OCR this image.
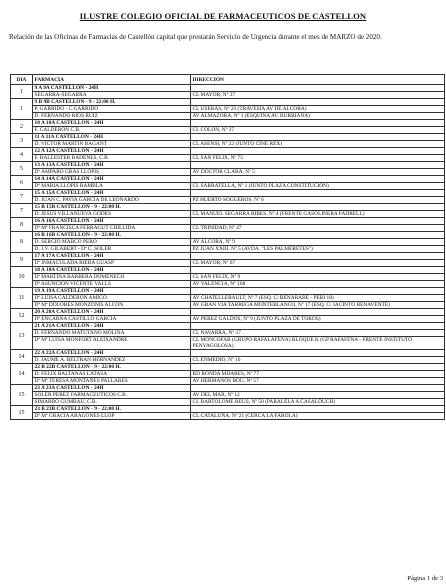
ILUSTRE COLEGIO OFICIAL DE FARMACEUTICOS DE CASTELLON
Relación de las Oficinas de Farmacias de Castellón capital que prestarán Servicio de Urgencia durante el mes de MARZO de 2020.
DIA	FARMACIA	DIRECCION
1	9 A 9A CASTELLON - 24H	
	SEGARRA-SEGARRA	CL MAYOR, Nº 37
1	9 B 9B CASTELLON - 9 - 22:00 H.	
	P. GARRIDO - C.GARRIDO	CL USERAS, Nº 23 (TRAVESÍA AV DE ALCORA)
	D. FERNANDO RIOS RUIZ	AV ALMAZORA, Nº 1 (ESQUINA AV. BURRIANA)
2	10 A 10A CASTELLON - 24H	
	F. CALDERON C.B.	CL COLON, Nº 37
3	11 A 11A CASTELLON - 24H	
	D. VICTOR MARTIN BAGANT	CL ASENSI, Nº 22 (JUNTO CINE REX)
4	12 A 12A CASTELLON - 24H	
	F. BALLESTER BADENES, C.B.	CL SAN FELIX, Nº 75
5	13 A 13A CASTELLON - 24H	
	Dº AMPARO GRAS LLOPIS	AV DOCTOR CLARA, Nº 5
6	14 A 14A CASTELLON - 24H	
	Dª MARIA LLOPIS RAMBLA	CL SARRATELLA, Nº 1 (JUNTO PLAZA CONSTITUCION)
7	15 A 15A CASTELLON - 24H	
	D. JUAN C. PAVIA GARCIA DE LEONARDO	PZ HUERTO SOGUEROS, Nº 6
7	15 B 15B CASTELLON - 9 - 22:00 H.	
	D. JESUS VILLANUEVA GODES	CL MANUEL SEGARRA RIBES, Nº 4 (FRENTE GASOLINERA FADRELL)
8	16 A 16A CASTELLON - 24H	
	Dª Mª FRANCISCA FERRAGUT CHILLIDA	CL TRINIDAD, Nº 47
8	16 B 16B CASTELLON - 9 - 22:00 H.	
	D. SERGIO MARCO PERO	AV ALCORA, Nº 9
	D. J.V. GILABERT - Dª C. SOLER	PZ JUAN XXIII, Nº 5 (AVDA. "LES PALMERETES")
9	17 A 17A CASTELLON - 24H	
	Dª INMACULADA RIERA GUASP	CL MAYOR, Nº 67
10	18 A 18A CASTELLON - 24H	
	Dª MARTINA BARBERA DOMENECH	CL SAN FELIX, Nº 9
	Dª ASUNCION VICENTE VALLS	AV VALENCIA, Nº 108
11	19 A 19A CASTELLON - 24H	
	Dª LUISA CALDERON AMIGO	AV CHATELLERAULT, Nº 7 (ESQ. C/ BENARABE - PERI 18)
	Dª Mª DOLORES MONZONIS ALCON	AV GRAN VIA TARREGA MONTEBLANCO, Nº 17 (ESQ. C/ JACINTO BENAVENTE)
12	20 A 20A CASTELLON - 24H	
	Dª ENCARNA CASTILLO GARCIA	AV PEREZ GALDOS, Nº 9 (JUNTO PLAZA DE TOROS)
13	21 A 21A CASTELLON - 24H	
	D. FERNANDO MATUTANO MOLINA	CL NAVARRA, Nº 37
	Dª Mª LUISA MONFORT ALEIXANDRE	CL MONCOFAR (GRUPO RAFALAFENA) BLOQUE K (GP RAFAFENA - FRENTE INSTITUTO PENYAGOLOSA)
14	22 A 22A CASTELLON - 24H	
	D. JAUME A. BELTRAN HERNANDEZ	CL ENMEDIO, Nº 16
14	22 B 22B CASTELLON - 9 - 22:00 H.	
	D. FELIX BALTANAS LATASA	RD RONDA MIJARES, Nº 77
	Dª Mª TERESA MONTAÑES PALLARES	AV HERMANOS BOU, Nº 57
15	23 A 23A CASTELLON - 24H	
	SOLER PEREZ FARMACEUTICOS C.B.	AV DEL MAR, Nº 12
	SIMARRO GUMBAU, C.B.	CL BARTOLOME REUS, Nº 50 (PARALELA A CASALDUCH)
15	23 B 23B CASTELLON - 9 - 22:00 H.	
	Dª Mª GRACIA ARAGONES LLOP	CL CATALUÑA, Nº 21 (CERCA LA FAROLA)
Página 1 de 3
